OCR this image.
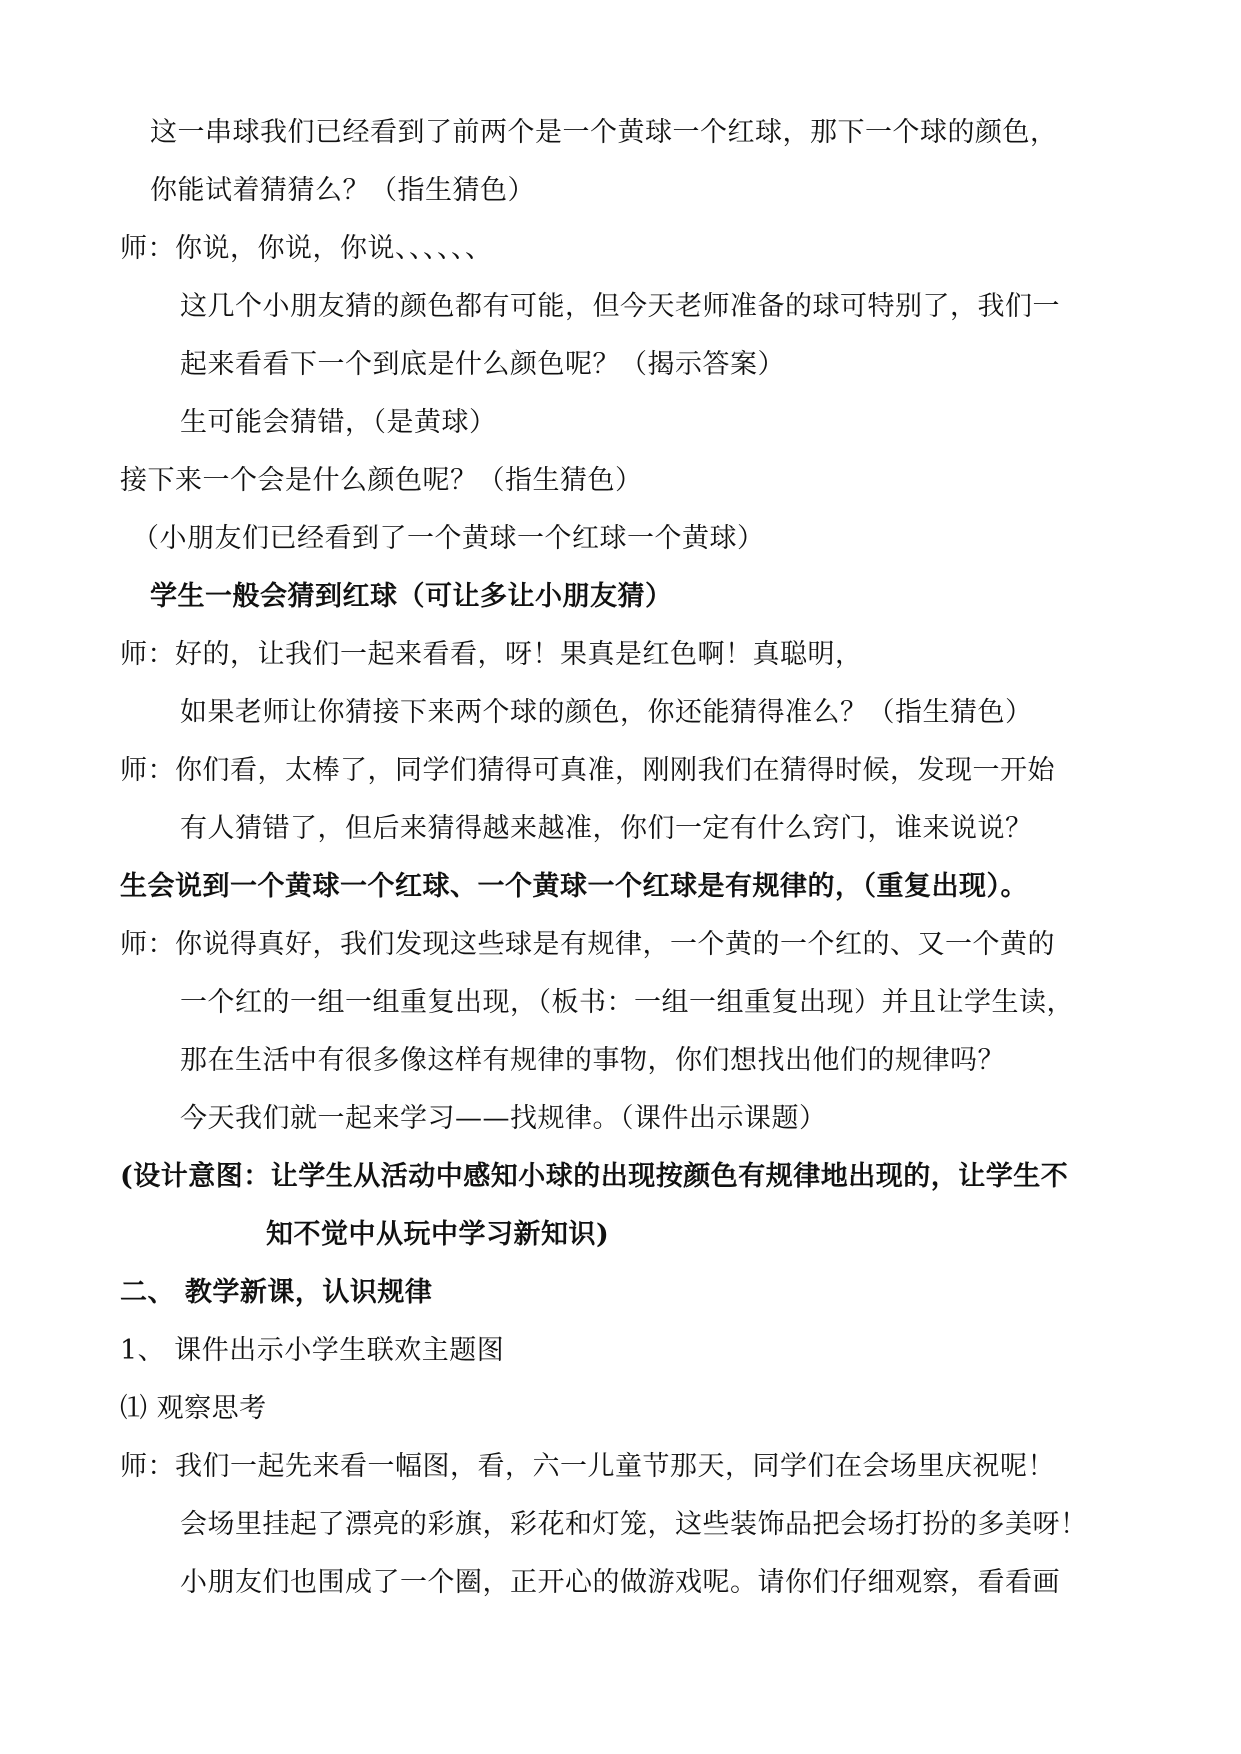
这一串球我们已经看到了前两个是一个黄球一个红球，那下一个球的颜色，
你能试着猜猜么？（指生猜色）
师：你说，你说，你说、、、、、、
这几个小朋友猜的颜色都有可能，但今天老师准备的球可特别了，我们一
起来看看下一个到底是什么颜色呢？（揭示答案）
生可能会猜错，（是黄球）
接下来一个会是什么颜色呢？（指生猜色）
（小朋友们已经看到了一个黄球一个红球一个黄球）
学生一般会猜到红球（可让多让小朋友猜）
师：好的，让我们一起来看看，呀！果真是红色啊！真聪明，
如果老师让你猜接下来两个球的颜色，你还能猜得准么？（指生猜色）
师：你们看，太棒了，同学们猜得可真准，刚刚我们在猜得时候，发现一开始
有人猜错了，但后来猜得越来越准，你们一定有什么窍门，谁来说说？
生会说到一个黄球一个红球、一个黄球一个红球是有规律的，（重复出现）。
师：你说得真好，我们发现这些球是有规律，一个黄的一个红的、又一个黄的
一个红的一组一组重复出现，（板书：一组一组重复出现）并且让学生读，
那在生活中有很多像这样有规律的事物，你们想找出他们的规律吗？
今天我们就一起来学习——找规律。（课件出示课题）
(设计意图：让学生从活动中感知小球的出现按颜色有规律地出现的，让学生不
知不觉中从玩中学习新知识)
二、 教学新课，认识规律
1、 课件出示小学生联欢主题图
⑴ 观察思考
师：我们一起先来看一幅图，看，六一儿童节那天，同学们在会场里庆祝呢！
会场里挂起了漂亮的彩旗，彩花和灯笼，这些装饰品把会场打扮的多美呀！
小朋友们也围成了一个圈，正开心的做游戏呢。请你们仔细观察，看看画
